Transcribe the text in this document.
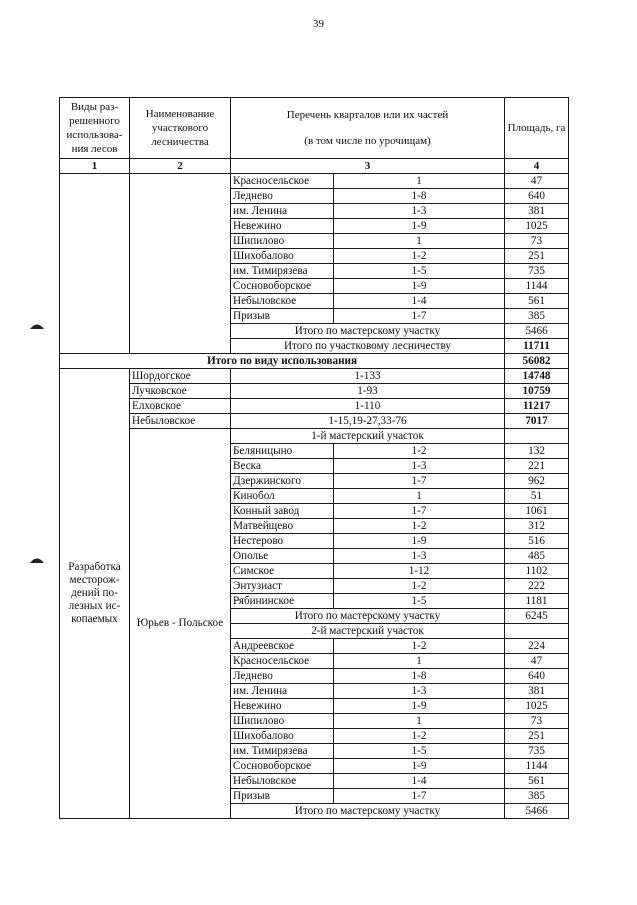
39
Виды раз-решенного использова-ния лесов	Наименование участкового лесничества	Перечень кварталов или их частей
(в том числе по урочищам)		Площадь, га
1	2	3		4
		Красносельское	1	47
		Ледневo	1-8	640
		им. Ленина	1-3	381
		Невежино	1-9	1025
		Шипилово	1	73
		Шихобалово	1-2	251
		им. Тимирязева	1-5	735
		Сосновоборское	1-9	1144
		Небыловское	1-4	561
		Призыв	1-7	385
		Итого по мастерскому участку		5466
		Итого по участковому лесничеству		11711
Итого по виду использования				56082
Разработка месторож-дений по-лезных ис-копаемых	Шордогское	1-133		14748
	Лучковское	1-93		10759
	Елховское	1-110		11217
	Небыловское	1-15,19-27,33-76		7017
	Юрьев - Польское	1-й мастерский участок		
		Беляницыно	1-2	132
		Веска	1-3	221
		Дзержинского	1-7	962
		Кинобол	1	51
		Конный завод	1-7	1061
		Матвейщево	1-2	312
		Нестерово	1-9	516
		Ополье	1-3	485
		Симское	1-12	1102
		Энтузиаст	1-2	222
		Рябининское	1-5	1181
		Итого по мастерскому участку		6245
		2-й мастерский участок		
		Андреевское	1-2	224
		Красносельское	1	47
		Ледневo	1-8	640
		им. Ленина	1-3	381
		Невежино	1-9	1025
		Шипилово	1	73
		Шихобалово	1-2	251
		им. Тимирязева	1-5	735
		Сосновоборское	1-9	1144
		Небыловское	1-4	561
		Призыв	1-7	385
		Итого по мастерскому участку		5466
